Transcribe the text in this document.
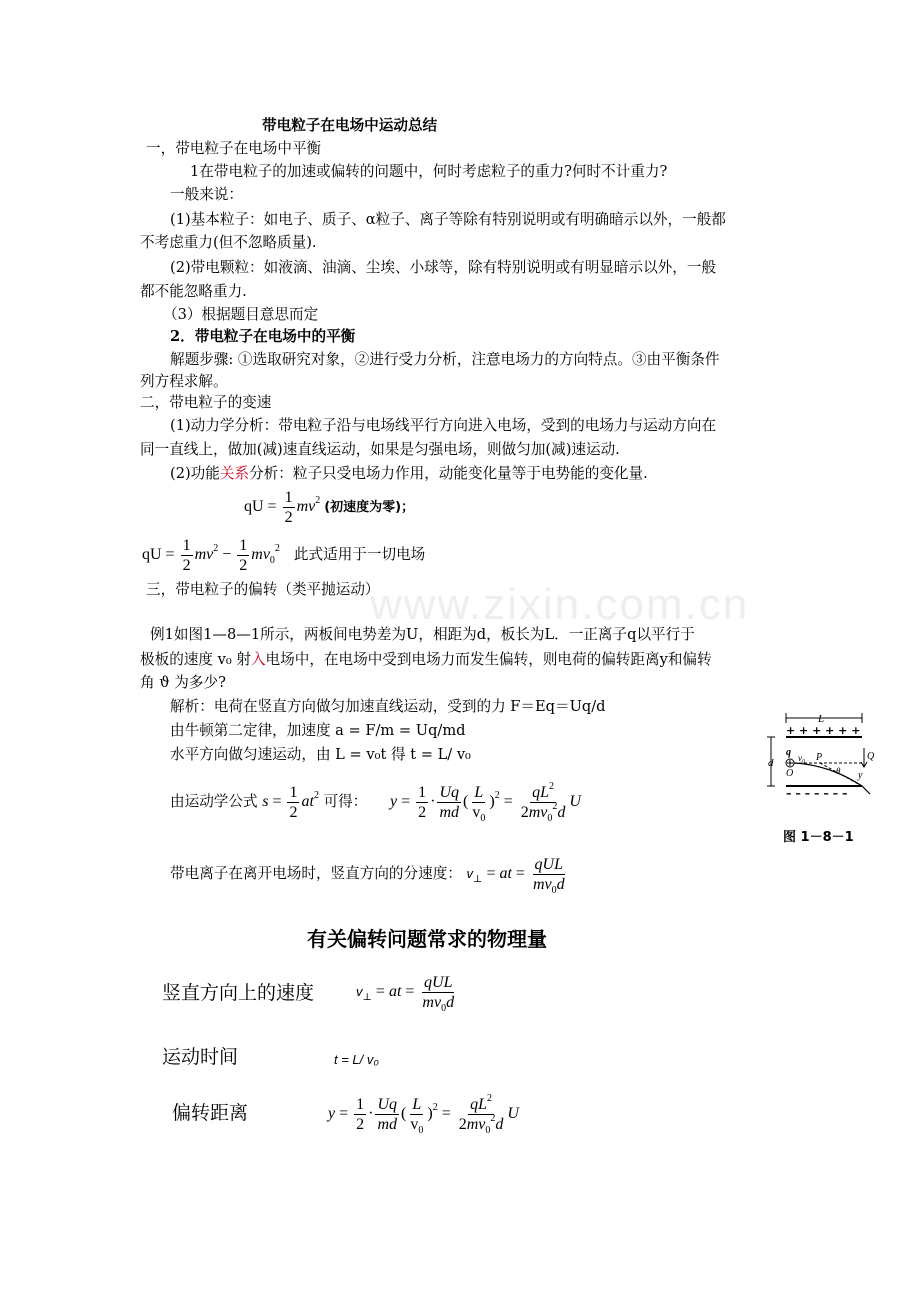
www.zixin.com.cn
带电粒子在电场中运动总结
一，带电粒子在电场中平衡
1在带电粒子的加速或偏转的问题中，何时考虑粒子的重力?何时不计重力?
一般来说：
(1)基本粒子：如电子、质子、α粒子、离子等除有特别说明或有明确暗示以外，一般都
不考虑重力(但不忽略质量).
(2)带电颗粒：如液滴、油滴、尘埃、小球等，除有特别说明或有明显暗示以外，一般
都不能忽略重力.
（3）根据题目意思而定
2．带电粒子在电场中的平衡
解题步骤: ①选取研究对象，②进行受力分析，注意电场力的方向特点。③由平衡条件
列方程求解。
二，带电粒子的变速
(1)动力学分析：带电粒子沿与电场线平行方向进入电场，受到的电场力与运动方向在
同一直线上，做加(减)速直线运动，如果是匀强电场，则做匀加(减)速运动.
(2)功能关系分析：粒子只受电场力作用，动能变化量等于电势能的变化量.
qU = $\frac{1}{2} mv^2$ (初速度为零)；
qU = $\frac{1}{2} mv^2 - \frac{1}{2} mv_0^2$ 此式适用于一切电场
三，带电粒子的偏转（类平抛运动）
例1如图1—8—1所示，两板间电势差为U，相距为d，板长为L．一正离子q以平行于
极板的速度 v₀ 射入电场中，在电场中受到电场力而发生偏转，则电荷的偏转距离y和偏转
角 ϑ 为多少?
解析：电荷在竖直方向做匀加速直线运动，受到的力 F＝Eq＝Uq/d
由牛顿第二定律，加速度 a = F/m = Uq/md
水平方向做匀速运动，由 L = v₀t 得 t = L/ v₀
由运动学公式 $s = \frac{1}{2} at^2$ 可得： $y = \frac{1}{2} \cdot \frac{Uq}{md}$ ( $\frac{L}{v_0} )^2 = \frac{qL^2}{2mv_0^2d}$ U
带电离子在离开电场时，竖直方向的分速度： $v_\perp$ = at = $\frac{\text{qUL}}{mv_0d}$
L
+ + + + + +
– – – – – – –
d
q v₀ P
O	θ
Q
y
图 1－8－1
有关偏转问题常求的物理量
竖直方向上的速度	$v_\perp$ = at = $\frac{\text{qUL}}{mv_0d}$
运动时间	t = L/ v₀
偏转距离	$y = \frac{1}{2} \cdot \frac{Uq}{md}$ ( $\frac{L}{v_0} )^2 = \frac{qL^2}{2mv_0^2d}$ U
